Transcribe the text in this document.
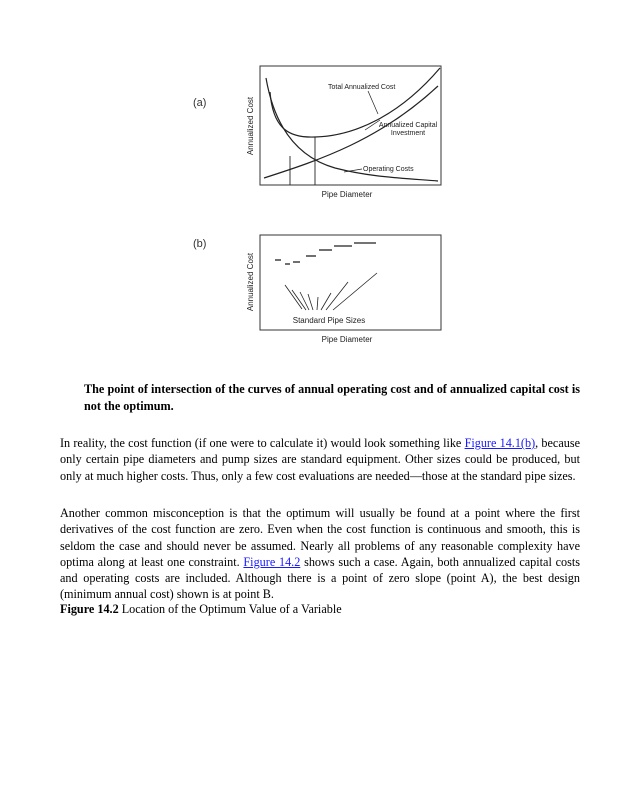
(a)	Annualized Cost
Pipe Diameter
Total Annualized Cost
Annualized Capital
Investment
Operating Costs
(b)
Annualized Cost
Pipe Diameter
Standard Pipe Sizes
The point of intersection of the curves of annual operating cost and of annualized capital cost is not the optimum.

In reality, the cost function (if one were to calculate it) would look something like Figure 14.1(b), because only certain pipe diameters and pump sizes are standard equipment. Other sizes could be produced, but only at much higher costs. Thus, only a few cost evaluations are needed—those at the standard pipe sizes.

Another common misconception is that the optimum will usually be found at a point where the first derivatives of the cost function are zero. Even when the cost function is continuous and smooth, this is seldom the case and should never be assumed. Nearly all problems of any reasonable complexity have optima along at least one constraint. Figure 14.2 shows such a case. Again, both annualized capital costs and operating costs are included. Although there is a point of zero slope (point A), the best design (minimum annual cost) shown is at point B.

Figure 14.2 Location of the Optimum Value of a Variable
